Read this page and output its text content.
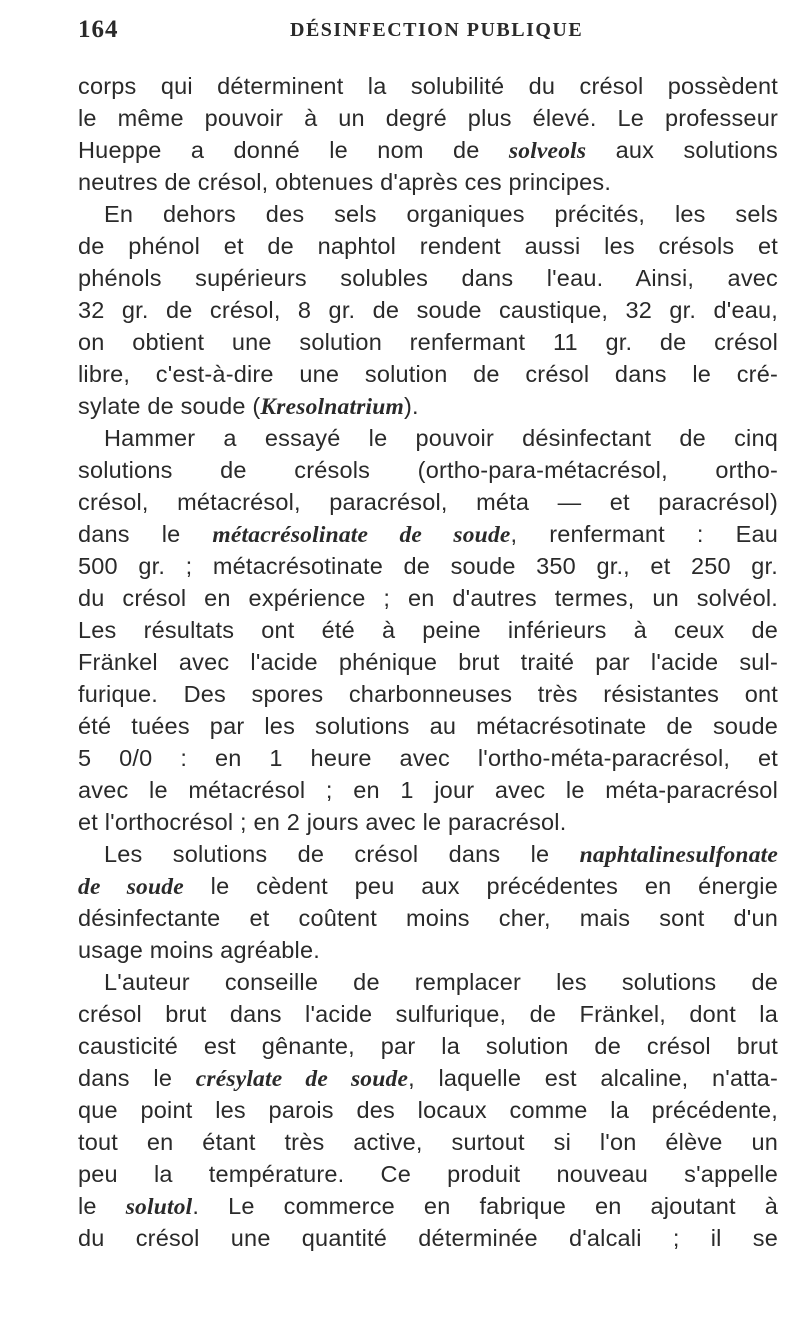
164	DÉSINFECTION PUBLIQUE
corps qui déterminent la solubilité du crésol possèdent
le même pouvoir à un degré plus élevé. Le professeur
Hueppe a donné le nom de solveols aux solutions
neutres de crésol, obtenues d'après ces principes.
En dehors des sels organiques précités, les sels
de phénol et de naphtol rendent aussi les crésols et
phénols supérieurs solubles dans l'eau. Ainsi, avec
32 gr. de crésol, 8 gr. de soude caustique, 32 gr. d'eau,
on obtient une solution renfermant 11 gr. de crésol
libre, c'est-à-dire une solution de crésol dans le cré-
sylate de soude (Kresolnatrium).
Hammer a essayé le pouvoir désinfectant de cinq
solutions de crésols (ortho-para-métacrésol, ortho-
crésol, métacrésol, paracrésol, méta — et paracrésol)
dans le métacrésolinate de soude, renfermant : Eau
500 gr. ; métacrésotinate de soude 350 gr., et 250 gr.
du crésol en expérience ; en d'autres termes, un solvéol.
Les résultats ont été à peine inférieurs à ceux de
Fränkel avec l'acide phénique brut traité par l'acide sul-
furique. Des spores charbonneuses très résistantes ont
été tuées par les solutions au métacrésotinate de soude
5 0/0 : en 1 heure avec l'ortho-méta-paracrésol, et
avec le métacrésol ; en 1 jour avec le méta-paracrésol
et l'orthocrésol ; en 2 jours avec le paracrésol.
Les solutions de crésol dans le naphtalinesulfonate
de soude le cèdent peu aux précédentes en énergie
désinfectante et coûtent moins cher, mais sont d'un
usage moins agréable.
L'auteur conseille de remplacer les solutions de
crésol brut dans l'acide sulfurique, de Fränkel, dont la
causticité est gênante, par la solution de crésol brut
dans le crésylate de soude, laquelle est alcaline, n'atta-
que point les parois des locaux comme la précédente,
tout en étant très active, surtout si l'on élève un
peu la température. Ce produit nouveau s'appelle
le solutol. Le commerce en fabrique en ajoutant à
du crésol une quantité déterminée d'alcali ; il se
